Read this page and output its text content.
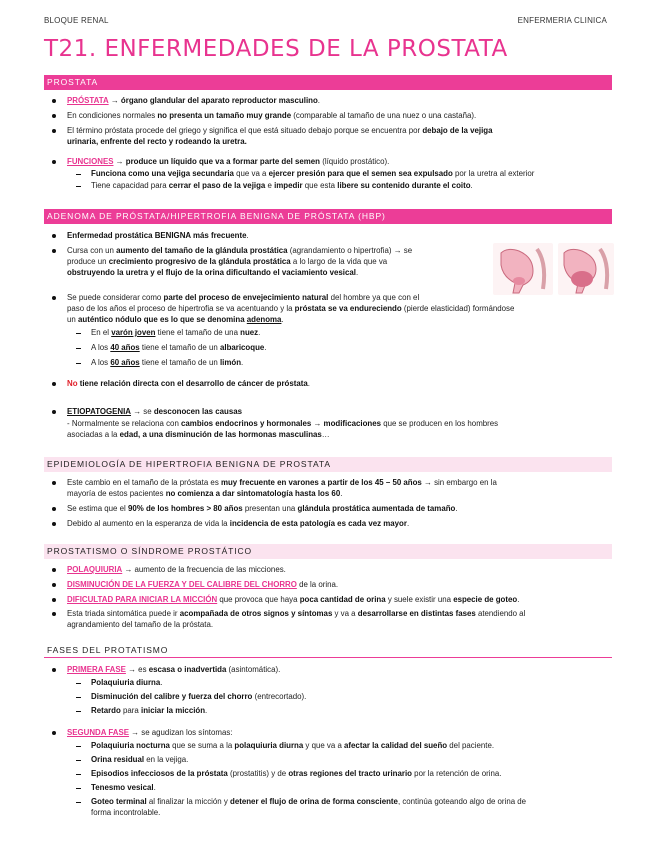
BLOQUE RENAL	ENFERMERIA CLINICA
T21. ENFERMEDADES DE LA PROSTATA
PROSTATA
PRÓSTATA → órgano glandular del aparato reproductor masculino.
En condiciones normales no presenta un tamaño muy grande (comparable al tamaño de una nuez o una castaña).
El término próstata procede del griego y significa el que está situado debajo porque se encuentra por debajo de la vejiga
urinaria, enfrente del recto y rodeando la uretra.
FUNCIONES → produce un líquido que va a formar parte del semen (líquido prostático).
Funciona como una vejiga secundaria que va a ejercer presión para que el semen sea expulsado por la uretra al exterior
Tiene capacidad para cerrar el paso de la vejiga e impedir que esta libere su contenido durante el coito.
ADENOMA DE PRÓSTATA/HIPERTROFIA BENIGNA DE PRÓSTATA (HBP)
Enfermedad prostática BENIGNA más frecuente.
Cursa con un aumento del tamaño de la glándula prostática (agrandamiento o hipertrofia) → se
produce un crecimiento progresivo de la glándula prostática a lo largo de la vida que va
obstruyendo la uretra y el flujo de la orina dificultando el vaciamiento vesical.
Se puede considerar como parte del proceso de envejecimiento natural del hombre ya que con el
paso de los años el proceso de hipertrofia se va acentuando y la próstata se va endureciendo (pierde elasticidad) formándose
un auténtico nódulo que es lo que se denomina adenoma.
En el varón joven tiene el tamaño de una nuez.
A los 40 años tiene el tamaño de un albaricoque.
A los 60 años tiene el tamaño de un limón.
No tiene relación directa con el desarrollo de cáncer de próstata.
ETIOPATOGENIA → se desconocen las causas
- Normalmente se relaciona con cambios endocrinos y hormonales → modificaciones que se producen en los hombres
asociadas a la edad, a una disminución de las hormonas masculinas…
EPIDEMIOLOGÍA DE HIPERTROFIA BENIGNA DE PROSTATA
Este cambio en el tamaño de la próstata es muy frecuente en varones a partir de los 45 – 50 años → sin embargo en la
mayoría de estos pacientes no comienza a dar sintomatología hasta los 60.
Se estima que el 90% de los hombres > 80 años presentan una glándula prostática aumentada de tamaño.
Debido al aumento en la esperanza de vida la incidencia de esta patología es cada vez mayor.
PROSTATISMO O SÍNDROME PROSTÁTICO
POLAQUIURIA → aumento de la frecuencia de las micciones.
DISMINUCIÓN DE LA FUERZA Y DEL CALIBRE DEL CHORRO de la orina.
DIFICULTAD PARA INICIAR LA MICCIÓN que provoca que haya poca cantidad de orina y suele existir una especie de goteo.
Esta triada sintomática puede ir acompañada de otros signos y síntomas y va a desarrollarse en distintas fases atendiendo al
agrandamiento del tamaño de la próstata.
FASES DEL PROTATISMO
PRIMERA FASE → es escasa o inadvertida (asintomática).
Polaquiuria diurna.
Disminución del calibre y fuerza del chorro (entrecortado).
Retardo para iniciar la micción.
SEGUNDA FASE → se agudizan los síntomas:
Polaquiuria nocturna que se suma a la polaquiuria diurna y que va a afectar la calidad del sueño del paciente.
Orina residual en la vejiga.
Episodios infecciosos de la próstata (prostatitis) y de otras regiones del tracto urinario por la retención de orina.
Tenesmo vesical.
Goteo terminal al finalizar la micción y detener el flujo de orina de forma consciente, continúa goteando algo de orina de
forma incontrolable.
